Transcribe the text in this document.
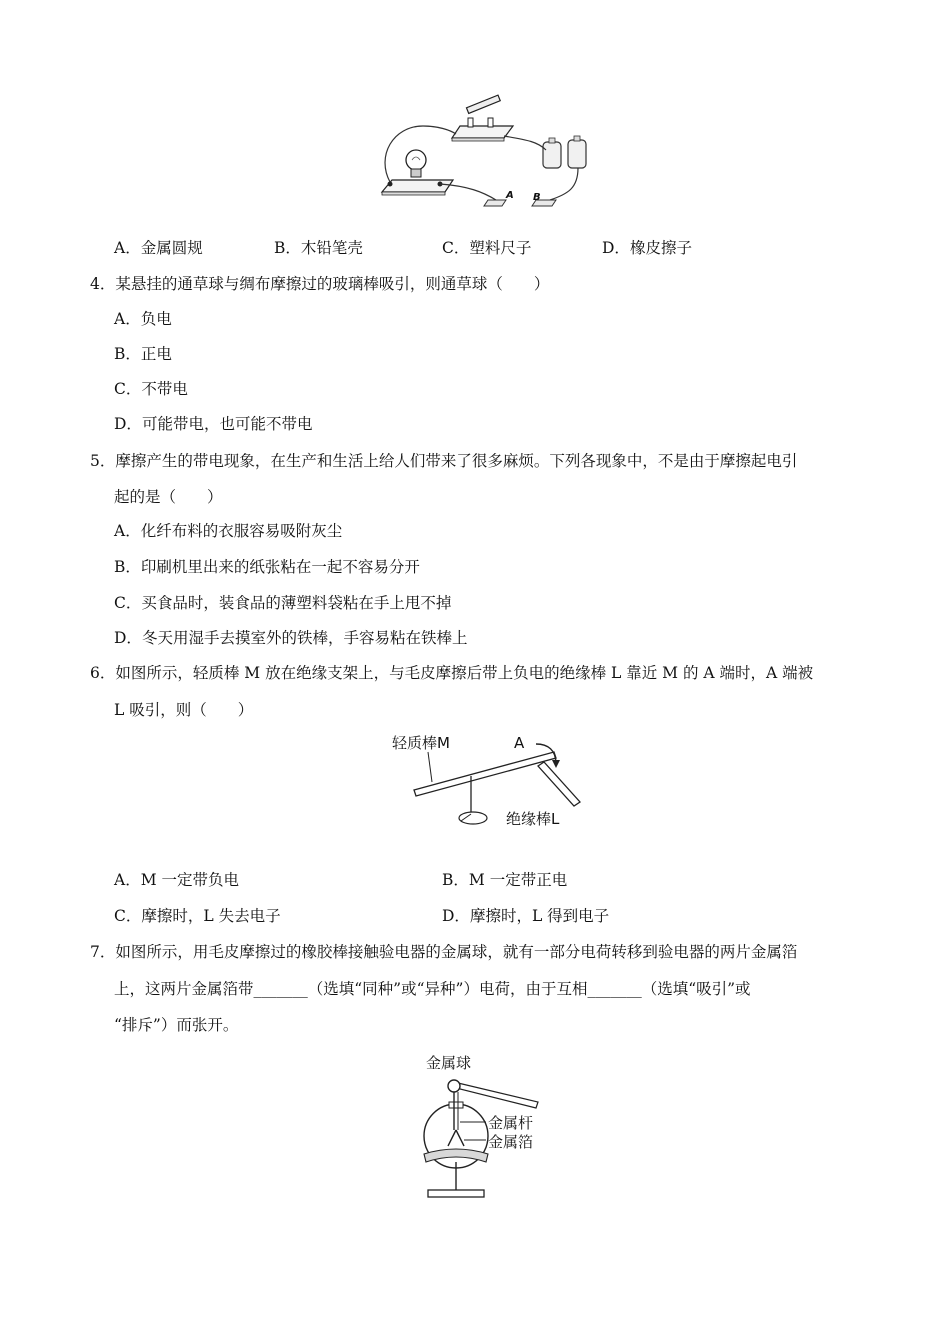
A B
A．金属圆规	B．木铅笔壳	C．塑料尺子	D．橡皮擦子
4．某悬挂的通草球与绸布摩擦过的玻璃棒吸引，则通草球（　　）
A．负电
B．正电
C．不带电
D．可能带电，也可能不带电
5．摩擦产生的带电现象，在生产和生活上给人们带来了很多麻烦。下列各现象中，不是由于摩擦起电引
起的是（　　）
A．化纤布料的衣服容易吸附灰尘
B．印刷机里出来的纸张粘在一起不容易分开
C．买食品时，装食品的薄塑料袋粘在手上甩不掉
D．冬天用湿手去摸室外的铁棒，手容易粘在铁棒上
6．如图所示，轻质棒 M 放在绝缘支架上，与毛皮摩擦后带上负电的绝缘棒 L 靠近 M 的 A 端时，A 端被
L 吸引，则（　　）
轻质棒M	A
绝缘棒L
A．M 一定带负电	B．M 一定带正电
C．摩擦时，L 失去电子	D．摩擦时，L 得到电子
7．如图所示，用毛皮摩擦过的橡胶棒接触验电器的金属球，就有一部分电荷转移到验电器的两片金属箔
上，这两片金属箔带_______（选填“同种”或“异种”）电荷，由于互相_______（选填“吸引”或
“排斥”）而张开。
金属球
金属杆
金属箔
